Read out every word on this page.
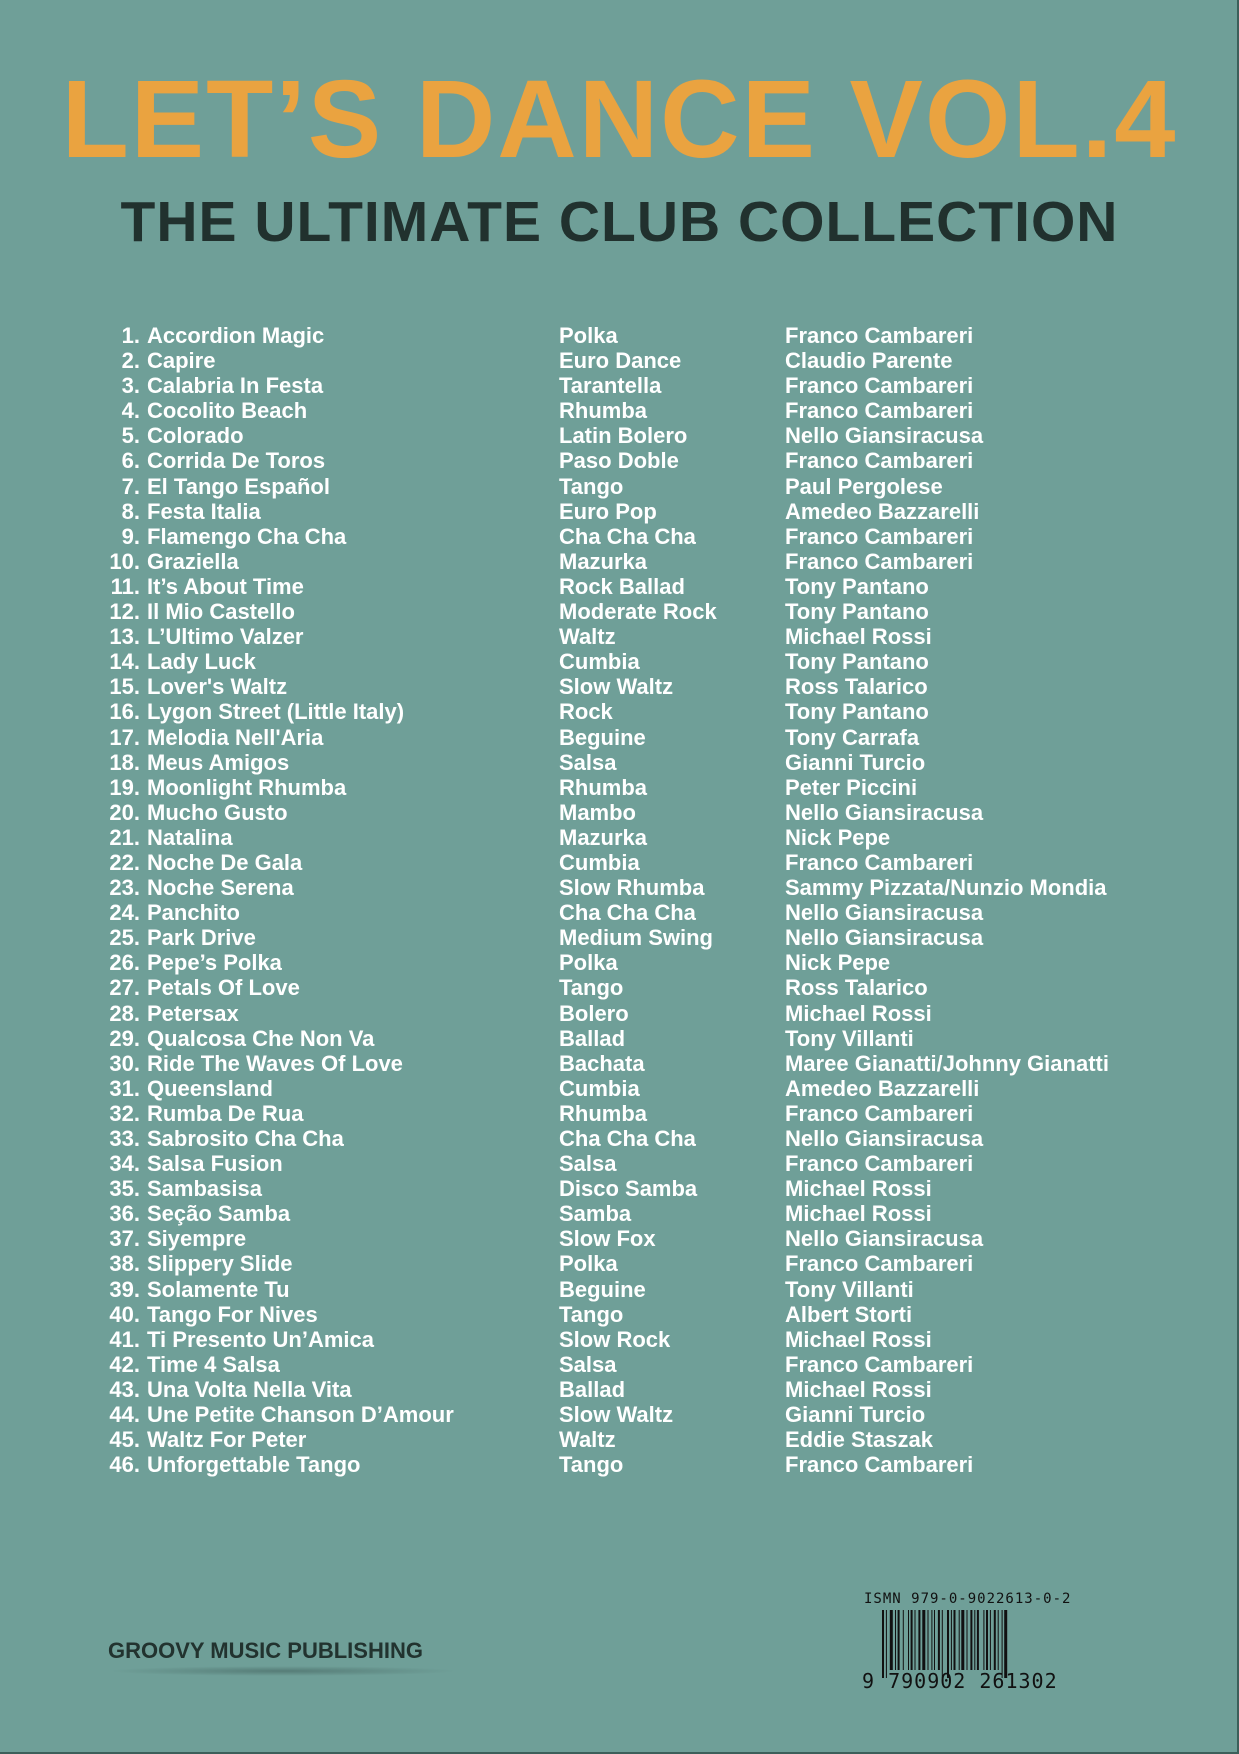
LET’S DANCE VOL.4
THE ULTIMATE CLUB COLLECTION
1. Accordion Magic	Polka	Franco Cambareri
2. Capire	Euro Dance	Claudio Parente
3. Calabria In Festa	Tarantella	Franco Cambareri
4. Cocolito Beach	Rhumba	Franco Cambareri
5. Colorado	Latin Bolero	Nello Giansiracusa
6. Corrida De Toros	Paso Doble	Franco Cambareri
7. El Tango Español	Tango	Paul Pergolese
8. Festa Italia	Euro Pop	Amedeo Bazzarelli
9. Flamengo Cha Cha	Cha Cha Cha	Franco Cambareri
10. Graziella	Mazurka	Franco Cambareri
11. It’s About Time	Rock Ballad	Tony Pantano
12. Il Mio Castello	Moderate Rock	Tony Pantano
13. L’Ultimo Valzer	Waltz	Michael Rossi
14. Lady Luck	Cumbia	Tony Pantano
15. Lover's Waltz	Slow Waltz	Ross Talarico
16. Lygon Street (Little Italy)	Rock	Tony Pantano
17. Melodia Nell'Aria	Beguine	Tony Carrafa
18. Meus Amigos	Salsa	Gianni Turcio
19. Moonlight Rhumba	Rhumba	Peter Piccini
20. Mucho Gusto	Mambo	Nello Giansiracusa
21. Natalina	Mazurka	Nick Pepe
22. Noche De Gala	Cumbia	Franco Cambareri
23. Noche Serena	Slow Rhumba	Sammy Pizzata/Nunzio Mondia
24. Panchito	Cha Cha Cha	Nello Giansiracusa
25. Park Drive	Medium Swing	Nello Giansiracusa
26. Pepe’s Polka	Polka	Nick Pepe
27. Petals Of Love	Tango	Ross Talarico
28. Petersax	Bolero	Michael Rossi
29. Qualcosa Che Non Va	Ballad	Tony Villanti
30. Ride The Waves Of Love	Bachata	Maree Gianatti/Johnny Gianatti
31. Queensland	Cumbia	Amedeo Bazzarelli
32. Rumba De Rua	Rhumba	Franco Cambareri
33. Sabrosito Cha Cha	Cha Cha Cha	Nello Giansiracusa
34. Salsa Fusion	Salsa	Franco Cambareri
35. Sambasisa	Disco Samba	Michael Rossi
36. Seção Samba	Samba	Michael Rossi
37. Siyempre	Slow Fox	Nello Giansiracusa
38. Slippery Slide	Polka	Franco Cambareri
39. Solamente Tu	Beguine	Tony Villanti
40. Tango For Nives	Tango	Albert Storti
41. Ti Presento Un’Amica	Slow Rock	Michael Rossi
42. Time 4 Salsa	Salsa	Franco Cambareri
43. Una Volta Nella Vita	Ballad	Michael Rossi
44. Une Petite Chanson D’Amour	Slow Waltz	Gianni Turcio
45. Waltz For Peter	Waltz	Eddie Staszak
46. Unforgettable Tango	Tango	Franco Cambareri
GROOVY MUSIC PUBLISHING
ISMN 979-0-9022613-0-2
9 790902 261302
